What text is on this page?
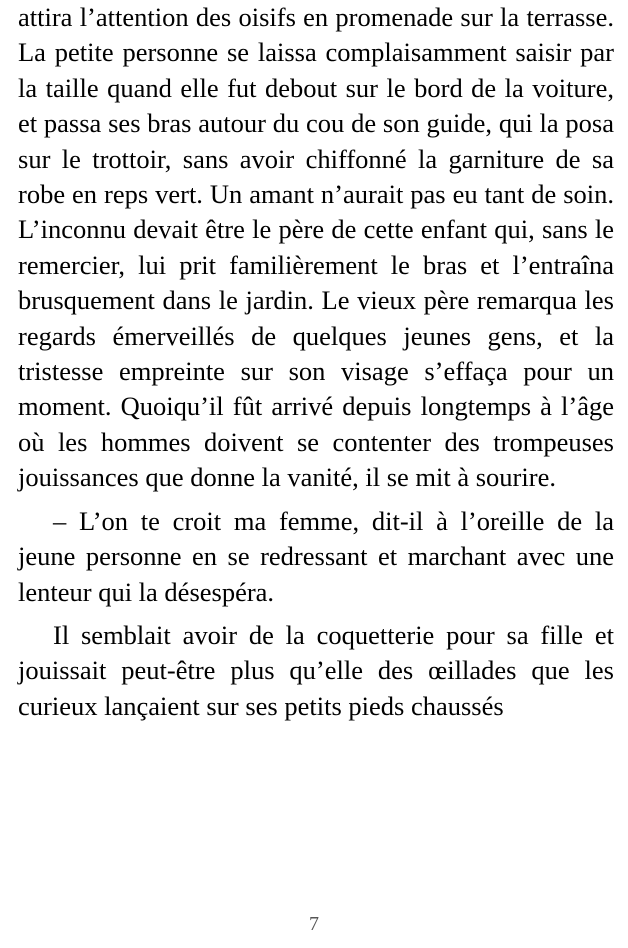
attira l’attention des oisifs en promenade sur la terrasse. La petite personne se laissa complaisamment saisir par la taille quand elle fut debout sur le bord de la voiture, et passa ses bras autour du cou de son guide, qui la posa sur le trottoir, sans avoir chiffonné la garniture de sa robe en reps vert. Un amant n’aurait pas eu tant de soin. L’inconnu devait être le père de cette enfant qui, sans le remercier, lui prit familièrement le bras et l’entraîna brusquement dans le jardin. Le vieux père remarqua les regards émerveillés de quelques jeunes gens, et la tristesse empreinte sur son visage s’effaça pour un moment. Quoiqu’il fût arrivé depuis longtemps à l’âge où les hommes doivent se contenter des trompeuses jouissances que donne la vanité, il se mit à sourire.

– L’on te croit ma femme, dit-il à l’oreille de la jeune personne en se redressant et marchant avec une lenteur qui la désespéra.

Il semblait avoir de la coquetterie pour sa fille et jouissait peut-être plus qu’elle des œillades que les curieux lançaient sur ses petits pieds chaussés

7
